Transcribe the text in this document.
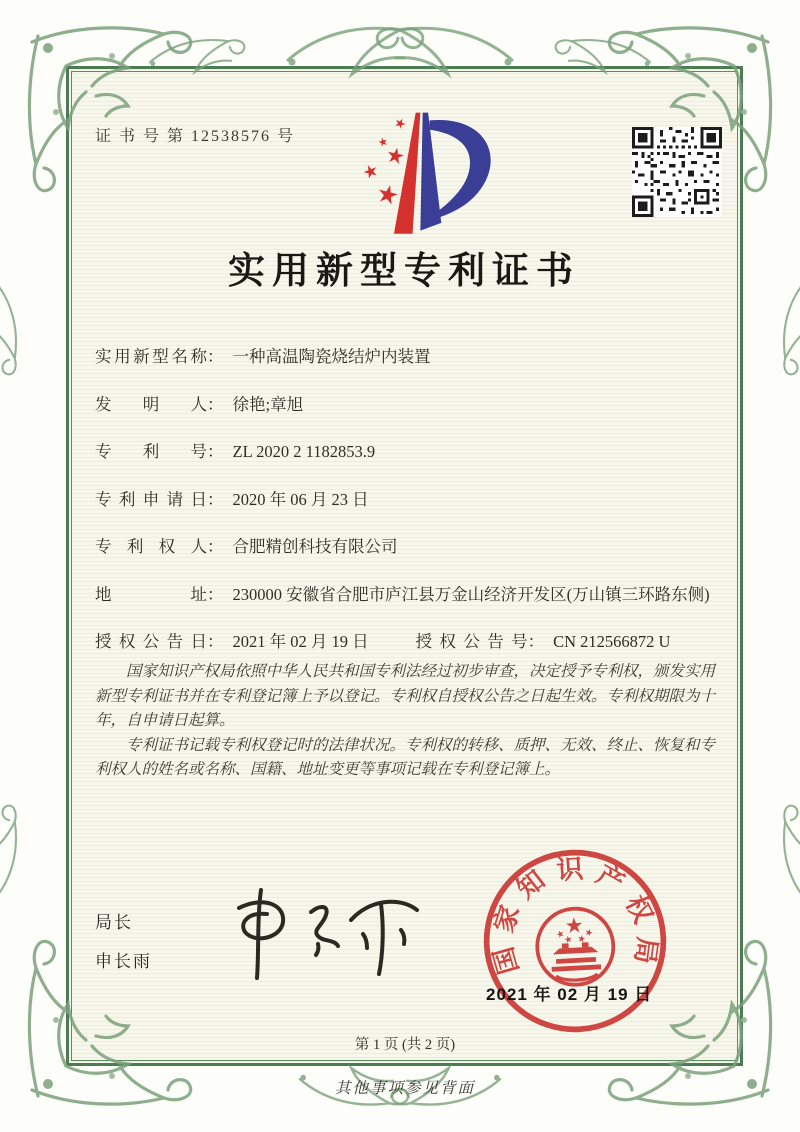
证 书 号 第 12538576 号
实用新型专利证书
实用新型名称 ： 一种高温陶瓷烧结炉内装置
发明人 ： 徐艳;章旭
专利号 ： ZL 2020 2 1182853.9
专利申请日 ： 2020 年 06 月 23 日
专利权人 ： 合肥精创科技有限公司
地址 ： 230000 安徽省合肥市庐江县万金山经济开发区(万山镇三环路东侧)
授权公告日 ： 2021 年 02 月 19 日	授权公告号 ： CN 212566872 U

国家知识产权局依照中华人民共和国专利法经过初步审查，决定授予专利权，颁发实用新型专利证书并在专利登记簿上予以登记。专利权自授权公告之日起生效。专利权期限为十年，自申请日起算。

专利证书记载专利权登记时的法律状况。专利权的转移、质押、无效、终止、恢复和专利权人的姓名或名称、国籍、地址变更等事项记载在专利登记簿上。

局长
申长雨	国家知识产权局
2021 年 02 月 19 日
第 1 页 (共 2 页)
其他事项参见背面
